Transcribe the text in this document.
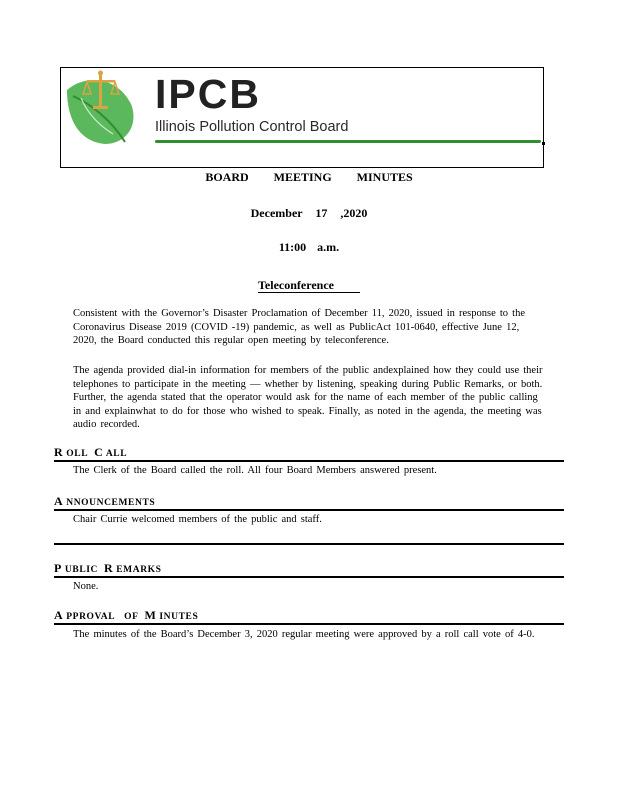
IPCB
Illinois Pollution Control Board
BOARD MEETING MINUTES
December 17 ,2020
11:00 a.m.
Teleconference

Consistent with the Governor’s Disaster Proclamation of December 11, 2020, issued in response to the Coronavirus Disease 2019 (COVID -19) pandemic, as well as PublicAct 101-0640, effective June 12, 2020, the Board conducted this regular open meeting by teleconference.

The agenda provided dial-in information for members of the public andexplained how they could use their telephones to participate in the meeting — whether by listening, speaking during Public Remarks, or both. Further, the agenda stated that the operator would ask for the name of each member of the public calling in and explainwhat to do for those who wished to speak. Finally, as noted in the agenda, the meeting was audio recorded.

R OLL C ALL

The Clerk of the Board called the roll. All four Board Members answered present.

A NNOUNCEMENTS

Chair Currie welcomed members of the public and staff.

P UBLIC R EMARKS

None.

A PPROVAL OF M INUTES

The minutes of the Board’s December 3, 2020 regular meeting were approved by a roll call vote of 4-0.
